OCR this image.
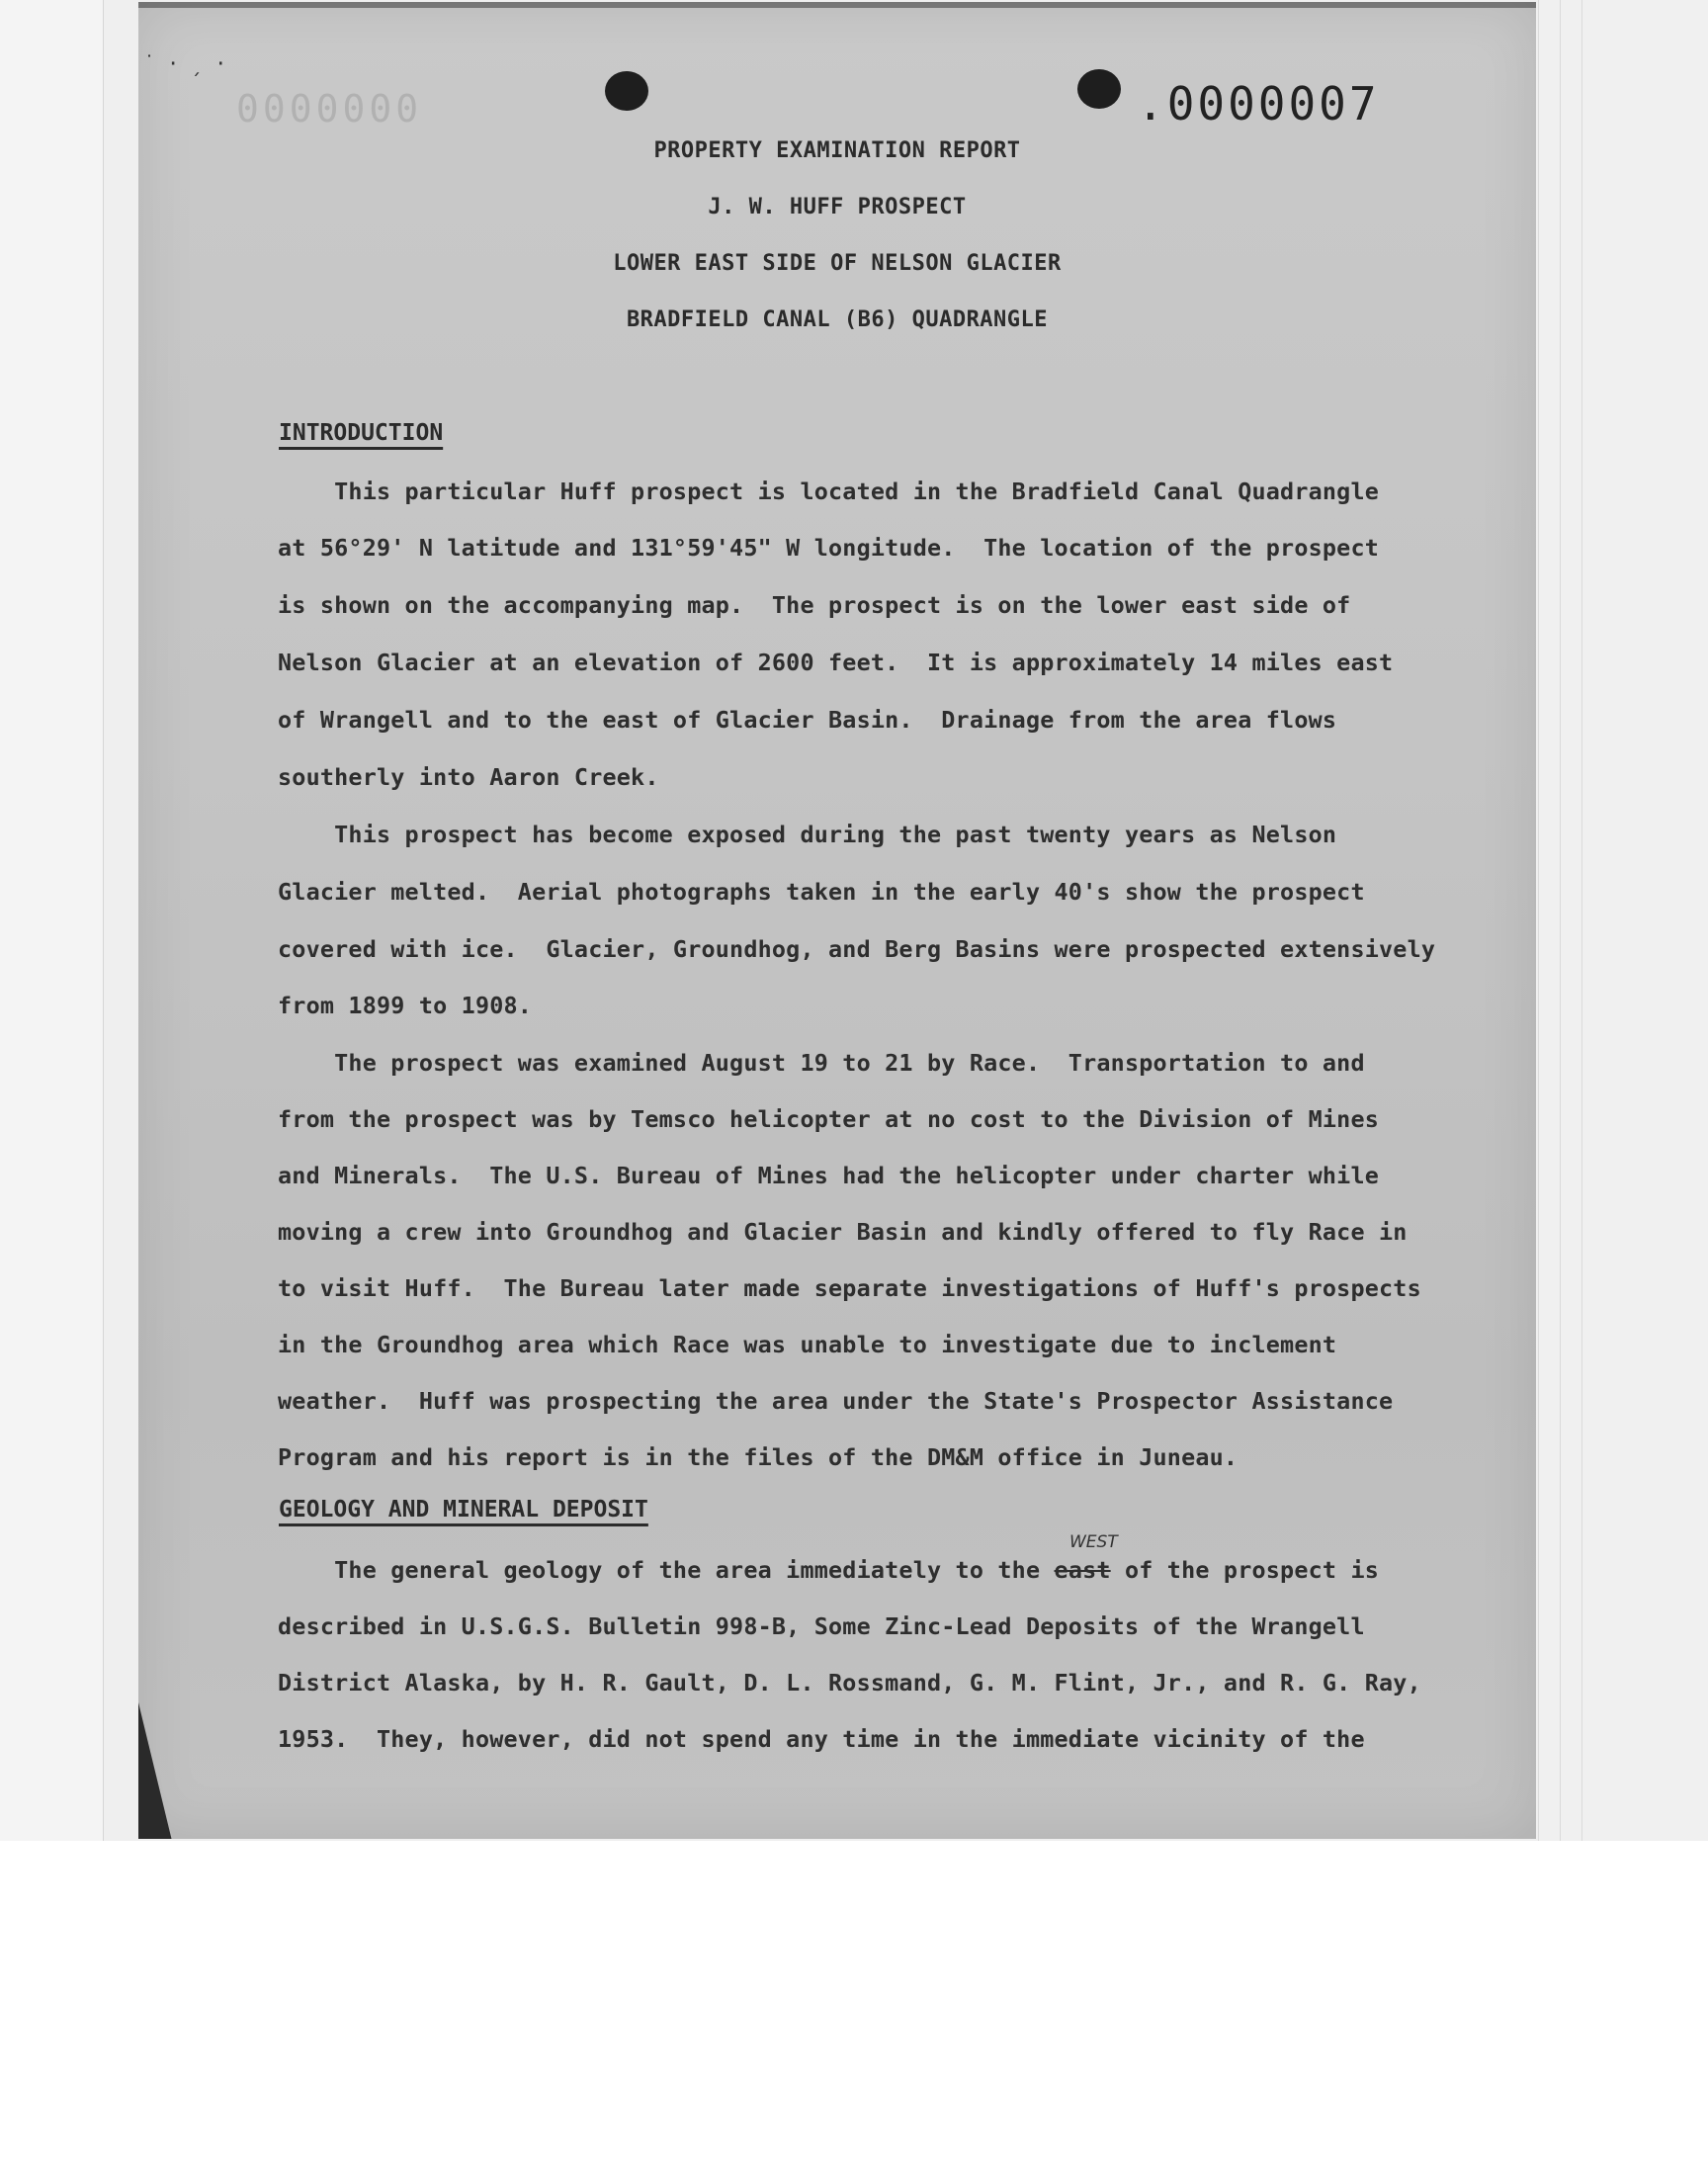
˙ · ˏ ·
.0000007
0000000
PROPERTY EXAMINATION REPORT
J. W. HUFF PROSPECT
LOWER EAST SIDE OF NELSON GLACIER
BRADFIELD CANAL (B6) QUADRANGLE
INTRODUCTION
This particular Huff prospect is located in the Bradfield Canal Quadrangle
at 56°29' N latitude and 131°59'45" W longitude.  The location of the prospect
is shown on the accompanying map.  The prospect is on the lower east side of
Nelson Glacier at an elevation of 2600 feet.  It is approximately 14 miles east
of Wrangell and to the east of Glacier Basin.  Drainage from the area flows
southerly into Aaron Creek.
This prospect has become exposed during the past twenty years as Nelson
Glacier melted.  Aerial photographs taken in the early 40's show the prospect
covered with ice.  Glacier, Groundhog, and Berg Basins were prospected extensively
from 1899 to 1908.
The prospect was examined August 19 to 21 by Race.  Transportation to and
from the prospect was by Temsco helicopter at no cost to the Division of Mines
and Minerals.  The U.S. Bureau of Mines had the helicopter under charter while
moving a crew into Groundhog and Glacier Basin and kindly offered to fly Race in
to visit Huff.  The Bureau later made separate investigations of Huff's prospects
in the Groundhog area which Race was unable to investigate due to inclement
weather.  Huff was prospecting the area under the State's Prospector Assistance
Program and his report is in the files of the DM&M office in Juneau.
GEOLOGY AND MINERAL DEPOSIT
WEST
The general geology of the area immediately to the east of the prospect is
described in U.S.G.S. Bulletin 998-B, Some Zinc-Lead Deposits of the Wrangell
District Alaska, by H. R. Gault, D. L. Rossmand, G. M. Flint, Jr., and R. G. Ray,
1953.  They, however, did not spend any time in the immediate vicinity of the
